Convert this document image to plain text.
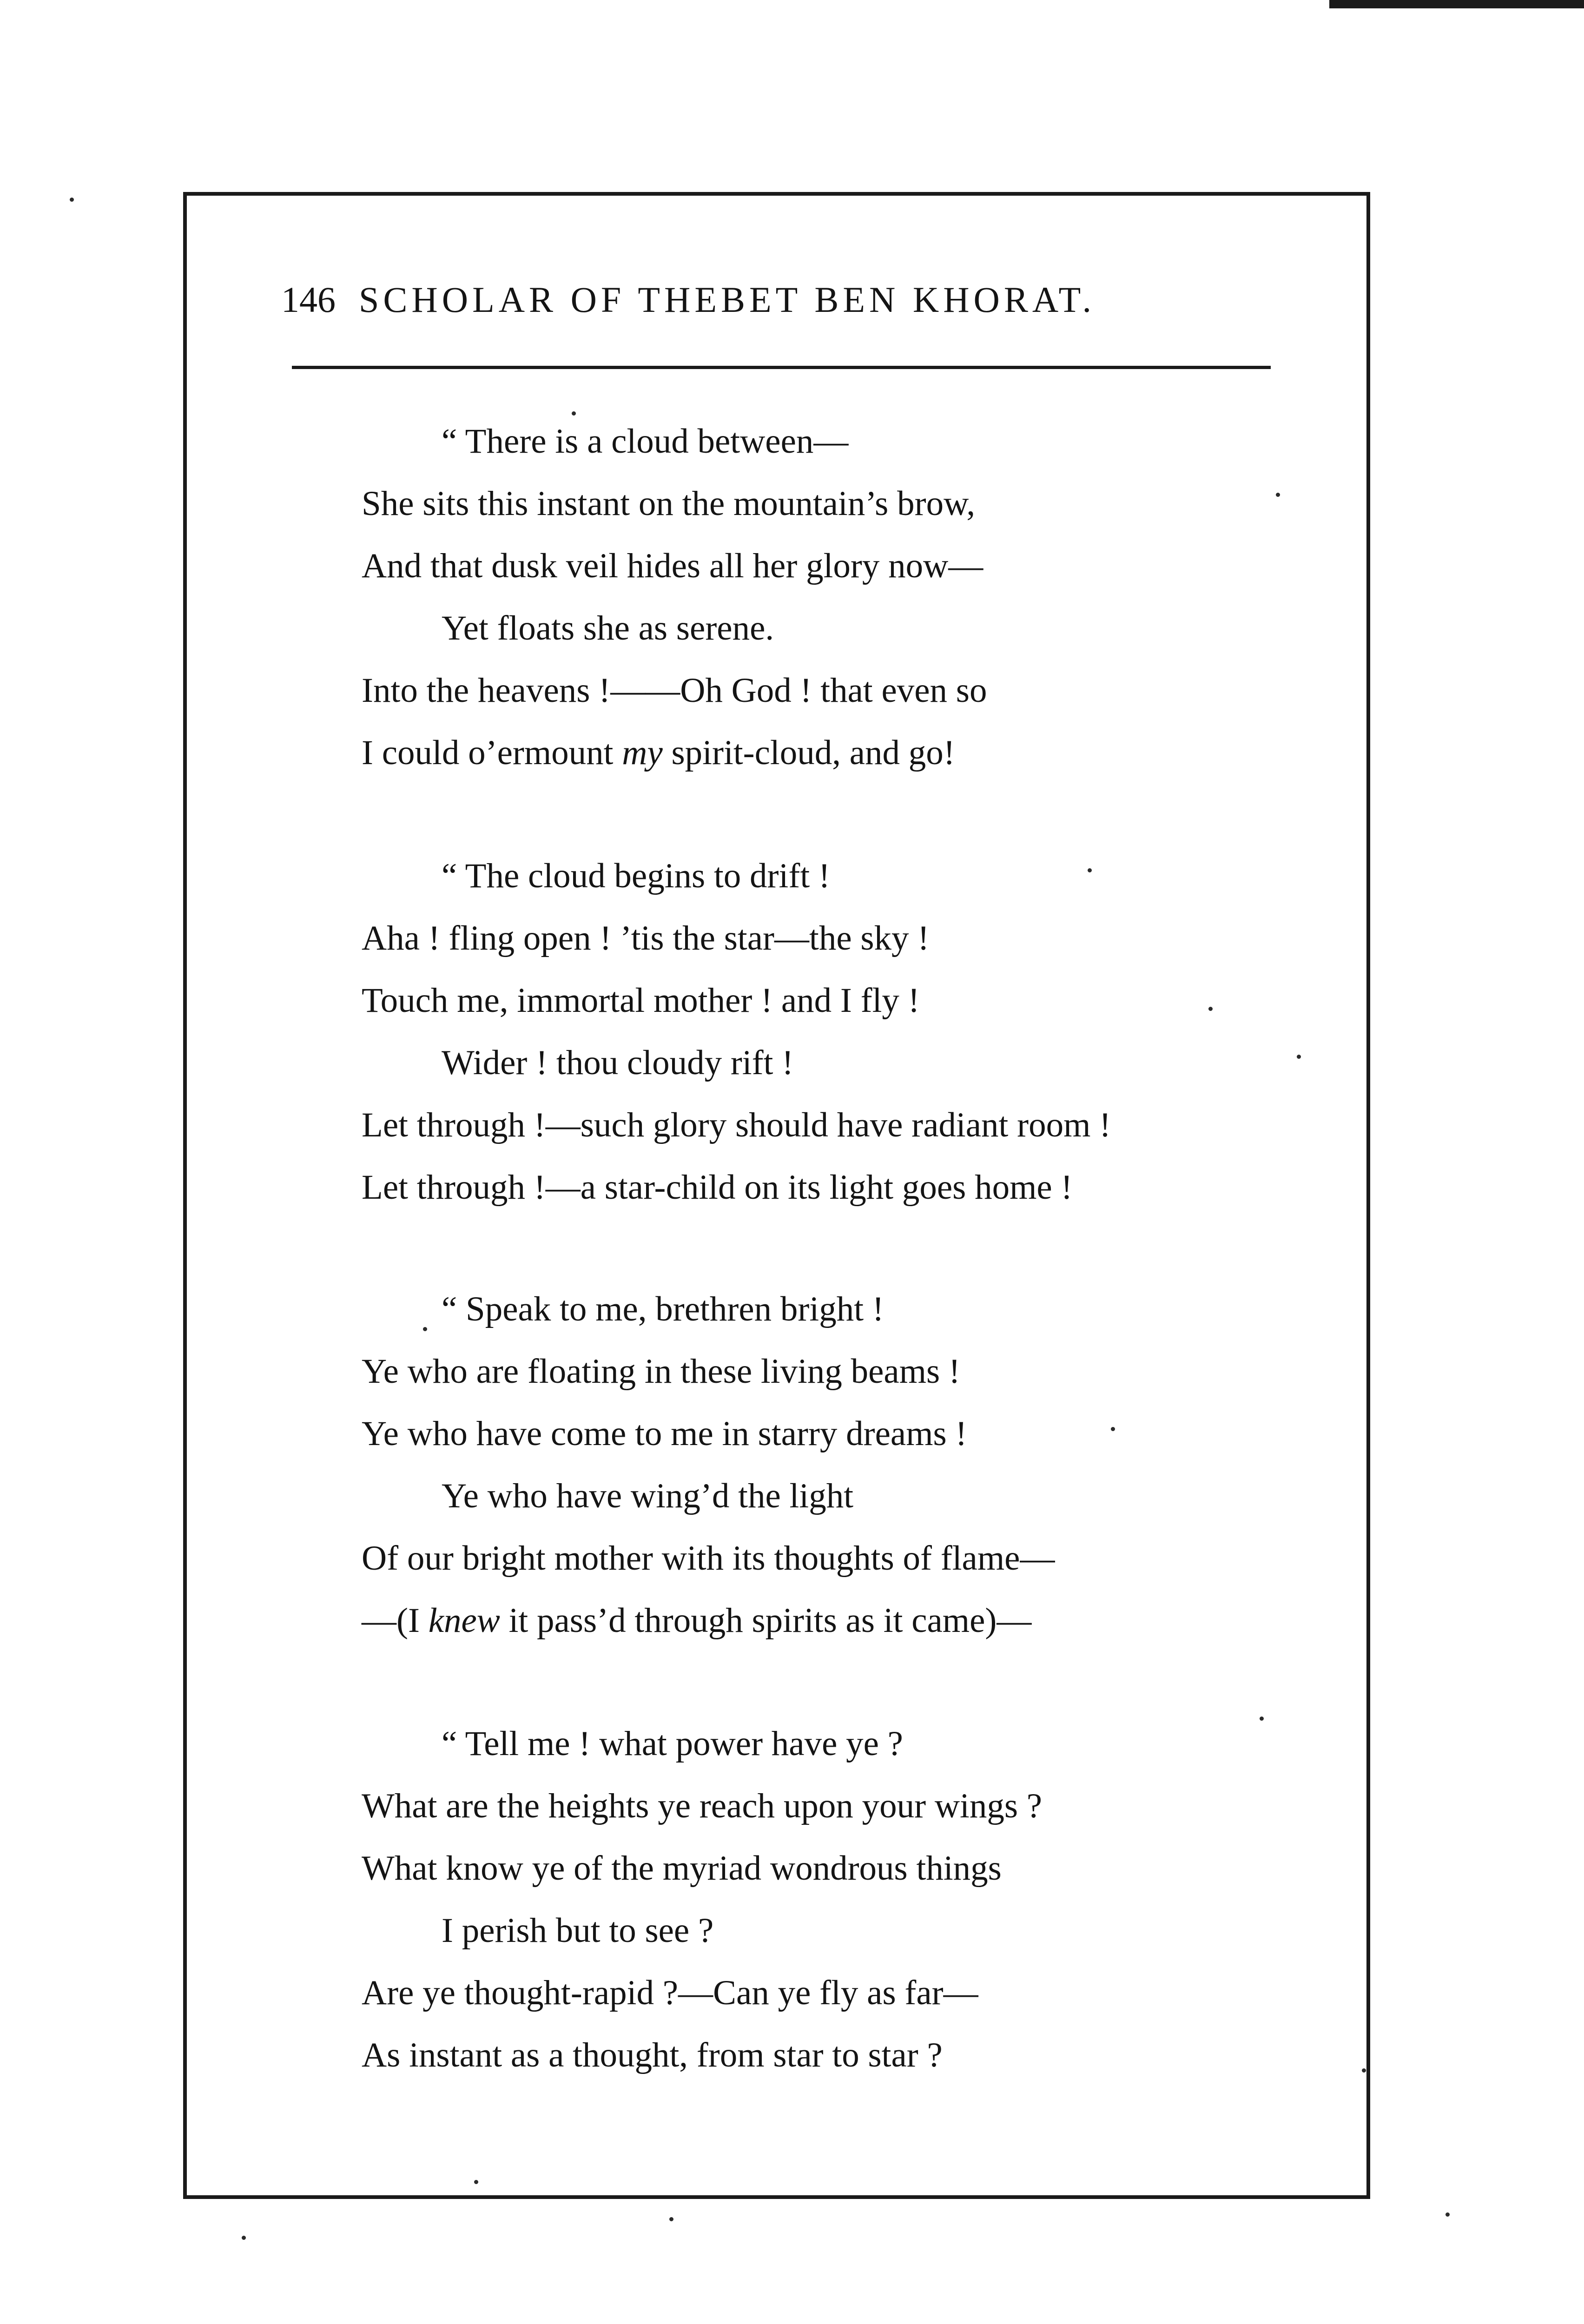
146 SCHOLAR OF THEBET BEN KHORAT.
“ There is a cloud between—
She sits this instant on the mountain’s brow,
And that dusk veil hides all her glory now—
Yet floats she as serene.
Into the heavens !——Oh God ! that even so
I could o’ermount my spirit-cloud, and go!
“ The cloud begins to drift !
Aha ! fling open ! ’tis the star—the sky !
Touch me, immortal mother ! and I fly !
Wider ! thou cloudy rift !
Let through !—such glory should have radiant room !
Let through !—a star-child on its light goes home !
“ Speak to me, brethren bright !
Ye who are floating in these living beams !
Ye who have come to me in starry dreams !
Ye who have wing’d the light
Of our bright mother with its thoughts of flame—
—(I knew it pass’d through spirits as it came)—
“ Tell me ! what power have ye ?
What are the heights ye reach upon your wings ?
What know ye of the myriad wondrous things
I perish but to see ?
Are ye thought-rapid ?—Can ye fly as far—
As instant as a thought, from star to star ?
